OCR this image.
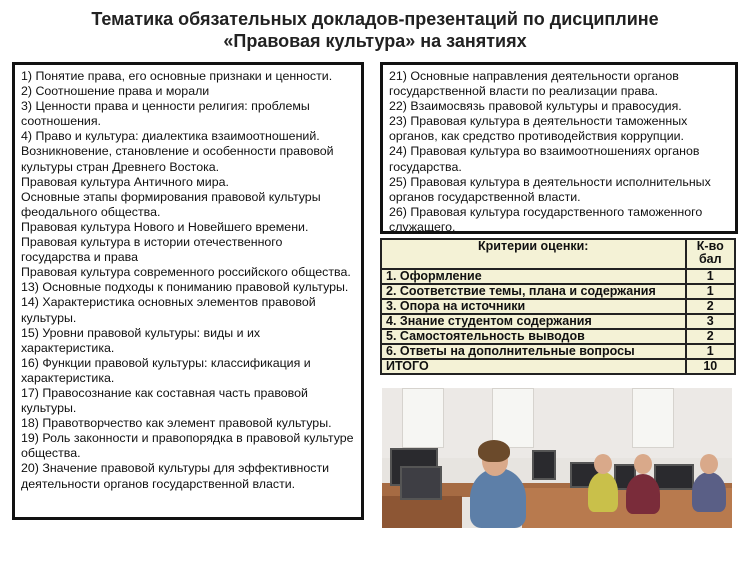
Тематика обязательных докладов-презентаций по дисциплине
«Правовая культура» на занятиях
1) Понятие права, его основные признаки и ценности.
2) Соотношение права и морали
3) Ценности права и ценности религия: проблемы соотношения.
4) Право и культура: диалектика взаимоотношений.
Возникновение, становление и особенности правовой культуры стран Древнего Востока.
Правовая культура Античного мира.
Основные этапы формирования правовой культуры феодального общества.
Правовая культура Нового и Новейшего времени.
Правовая культура в истории отечественного государства и права
Правовая культура современного российского общества.
13) Основные подходы к пониманию правовой культуры.
14) Характеристика основных элементов правовой культуры.
15) Уровни правовой культуры: виды и их характеристика.
16) Функции правовой культуры: классификация и характеристика.
17) Правосознание как составная часть правовой культуры.
18) Правотворчество как элемент правовой культуры.
19) Роль законности и правопорядка в правовой культуре общества.
20) Значение правовой культуры для эффективности деятельности органов государственной власти.
21) Основные направления деятельности органов государственной власти по реализации права.
22) Взаимосвязь правовой культуры и правосудия.
23) Правовая культура в деятельности таможенных органов, как средство противодействия коррупции.
24) Правовая культура во взаимоотношениях органов государства.
25) Правовая культура в деятельности исполнительных органов государственной власти.
26) Правовая культура государственного таможенного служащего.
Критерии оценки:	К-во бал
1. Оформление	1
2. Соответствие темы, плана и содержания	1
3. Опора на источники	2
4. Знание студентом содержания	3
5. Самостоятельность выводов	2
6. Ответы на дополнительные вопросы	1
ИТОГО	10
